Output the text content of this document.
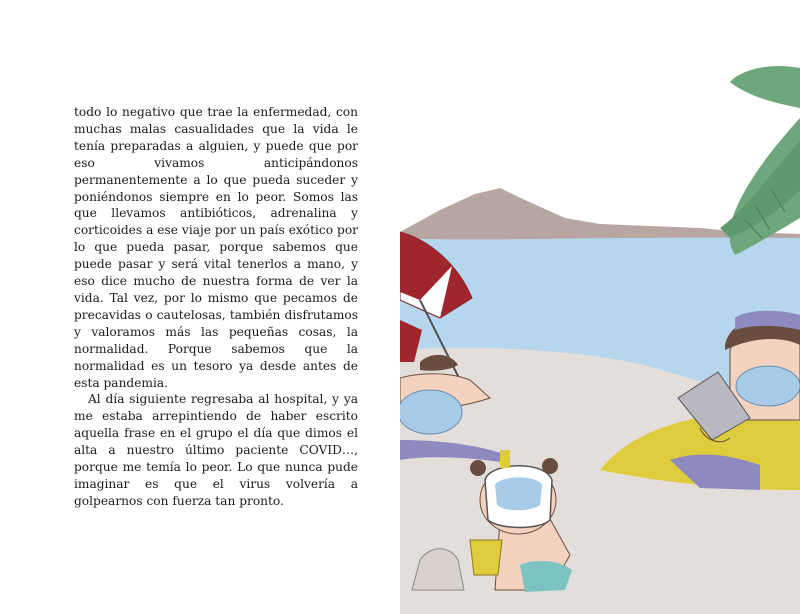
todo lo negativo que trae la enfermedad, con muchas malas casualidades que la vida le tenía preparadas a alguien, y puede que por eso vivamos anticipándonos permanentemente a lo que pueda suceder y poniéndonos siempre en lo peor. Somos las que llevamos antibióticos, adrenalina y corticoides a ese viaje por un país exótico por lo que pueda pasar, porque sabemos que puede pasar y será vital tenerlos a mano, y eso dice mucho de nuestra forma de ver la vida. Tal vez, por lo mismo que pecamos de precavidas o cautelosas, también disfrutamos y valoramos más las pequeñas cosas, la normalidad. Porque sabemos que la normalidad es un tesoro ya desde antes de esta pandemia.

Al día siguiente regresaba al hospital, y ya me estaba arrepintiendo de haber escrito aquella frase en el grupo el día que dimos el alta a nuestro último paciente COVID…, porque me temía lo peor. Lo que nunca pude imaginar es que el virus volvería a golpearnos con fuerza tan pronto.
